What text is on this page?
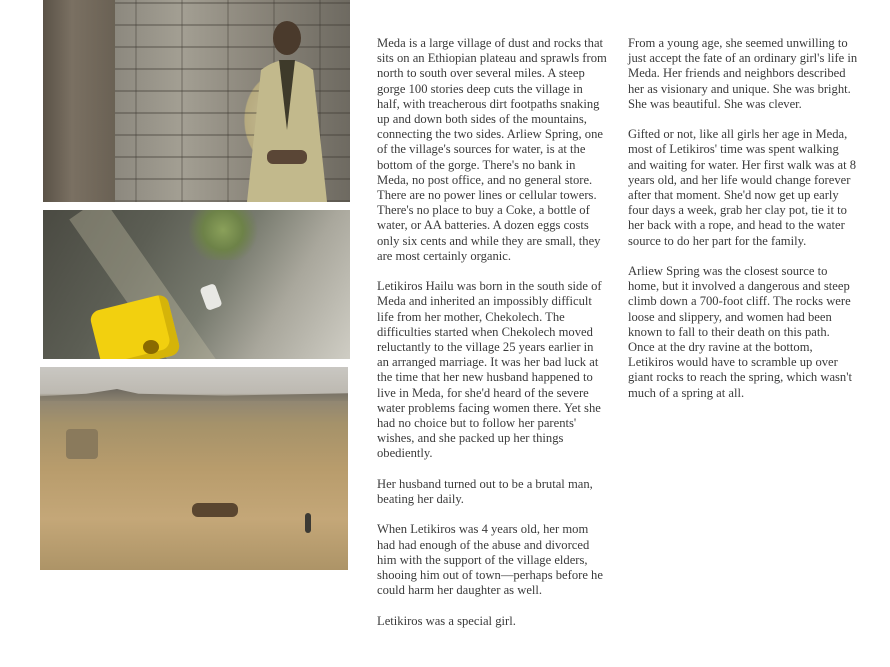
Meda is a large village of dust and rocks that sits on an Ethiopian plateau and sprawls from north to south over several miles. A steep gorge 100 stories deep cuts the village in half, with treacherous dirt footpaths snaking up and down both sides of the mountains, connecting the two sides. Arliew Spring, one of the village's sources for water, is at the bottom of the gorge. There's no bank in Meda, no post office, and no general store. There are no power lines or cellular towers. There's no place to buy a Coke, a bottle of water, or AA batteries. A dozen eggs costs only six cents and while they are small, they are most certainly organic.

Letikiros Hailu was born in the south side of Meda and inherited an impossibly difficult life from her mother, Chekolech. The difficulties started when Chekolech moved reluctantly to the village 25 years earlier in an arranged marriage. It was her bad luck at the time that her new husband happened to live in Meda, for she'd heard of the severe water problems facing women there. Yet she had no choice but to follow her parents' wishes, and she packed up her things obediently.

Her husband turned out to be a brutal man, beating her daily.

When Letikiros was 4 years old, her mom had had enough of the abuse and divorced him with the support of the village elders, shooing him out of town—perhaps before he could harm her daughter as well.

Letikiros was a special girl.

From a young age, she seemed unwilling to just accept the fate of an ordinary girl's life in Meda. Her friends and neighbors described her as visionary and unique. She was bright. She was beautiful. She was clever.

Gifted or not, like all girls her age in Meda, most of Letikiros' time was spent walking and waiting for water. Her first walk was at 8 years old, and her life would change forever after that moment. She'd now get up early four days a week, grab her clay pot, tie it to her back with a rope, and head to the water source to do her part for the family.

Arliew Spring was the closest source to home, but it involved a dangerous and steep climb down a 700-foot cliff. The rocks were loose and slippery, and women had been known to fall to their death on this path. Once at the dry ravine at the bottom, Letikiros would have to scramble up over giant rocks to reach the spring, which wasn't much of a spring at all.
